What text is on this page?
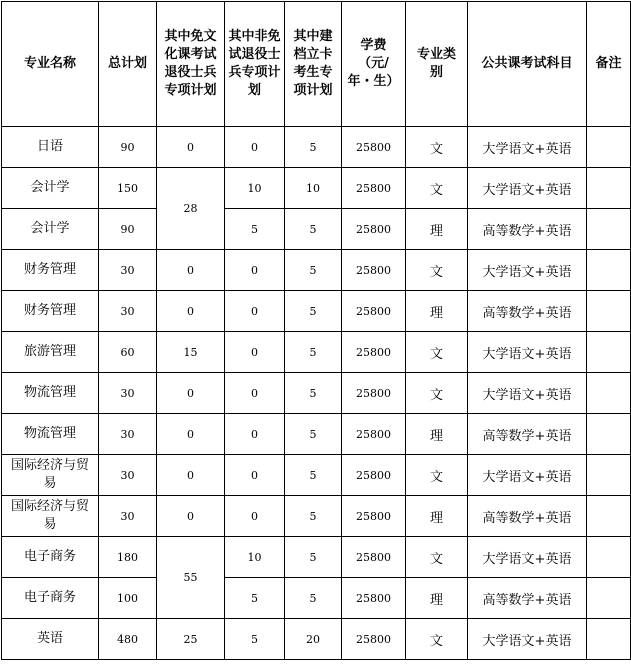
专业名称	总计划	其中免文化课考试退役士兵专项计划	其中非免试退役士兵专项计划	其中建档立卡考生专项计划	学费
（元/
年・生）	专业类别	公共课考试科目	备注
日语	90	0	0	5	25800	文	大学语文+英语	
会计学	150	28	10	10	25800	文	大学语文+英语	
会计学	90		5	5	25800	理	高等数学+英语	
财务管理	30	0	0	5	25800	文	大学语文+英语	
财务管理	30	0	0	5	25800	理	高等数学+英语	
旅游管理	60	15	0	5	25800	文	大学语文+英语	
物流管理	30	0	0	5	25800	文	大学语文+英语	
物流管理	30	0	0	5	25800	理	高等数学+英语	
国际经济与贸易	30	0	0	5	25800	文	大学语文+英语	
国际经济与贸易	30	0	0	5	25800	理	高等数学+英语	
电子商务	180	55	10	5	25800	文	大学语文+英语	
电子商务	100		5	5	25800	理	高等数学+英语	
英语	480	25	5	20	25800	文	大学语文+英语	
